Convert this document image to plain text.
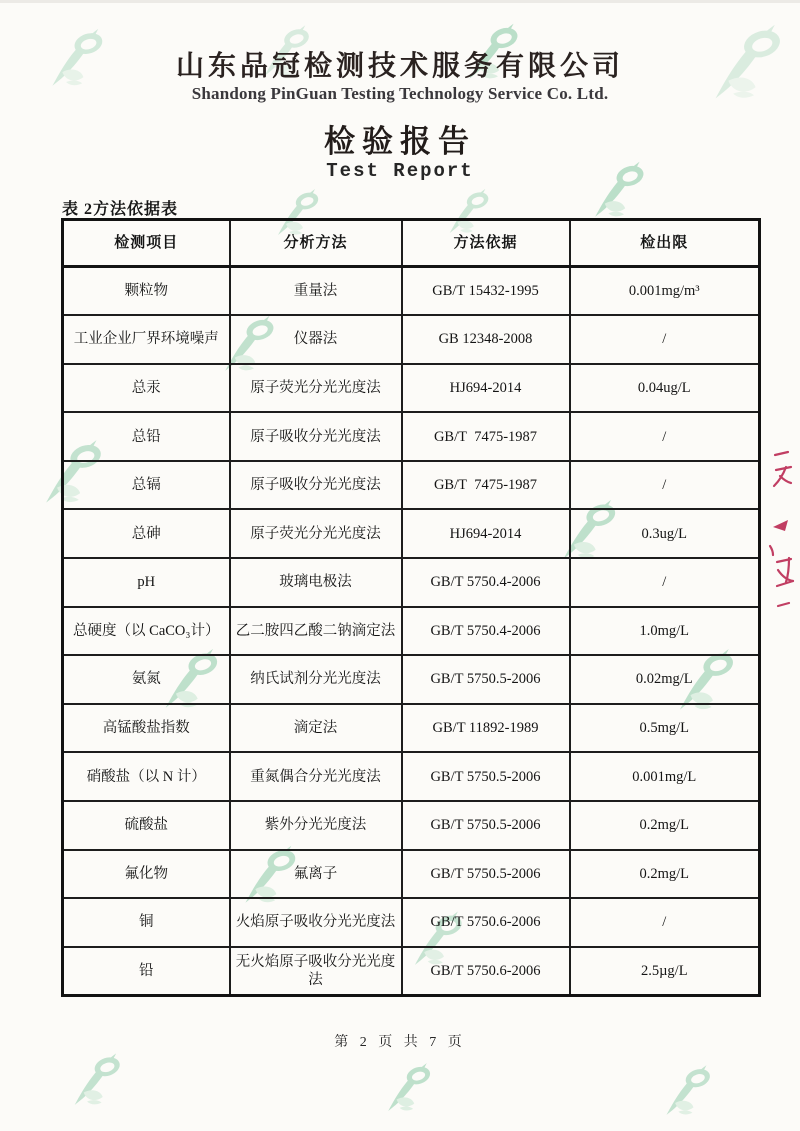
山东品冠检测技术服务有限公司
Shandong PinGuan Testing Technology Service Co. Ltd.
检验报告
Test Report
表 2方法依据表
检测项目	分析方法	方法依据	检出限
颗粒物	重量法	GB/T 15432-1995	0.001mg/m³
工业企业厂界环境噪声	仪器法	GB 12348-2008	/
总汞	原子荧光分光光度法	HJ694-2014	0.04ug/L
总铅	原子吸收分光光度法	GB/T  7475-1987	/
总镉	原子吸收分光光度法	GB/T  7475-1987	/
总砷	原子荧光分光光度法	HJ694-2014	0.3ug/L
pH	玻璃电极法	GB/T 5750.4-2006	/
总硬度（以 CaCO₃计）	乙二胺四乙酸二钠滴定法	GB/T 5750.4-2006	1.0mg/L
氨氮	纳氏试剂分光光度法	GB/T 5750.5-2006	0.02mg/L
高锰酸盐指数	滴定法	GB/T 11892-1989	0.5mg/L
硝酸盐（以 N 计）	重氮偶合分光光度法	GB/T 5750.5-2006	0.001mg/L
硫酸盐	紫外分光光度法	GB/T 5750.5-2006	0.2mg/L
氟化物	氟离子	GB/T 5750.5-2006	0.2mg/L
铜	火焰原子吸收分光光度法	GB/T 5750.6-2006	/
铅	无火焰原子吸收分光光度法	GB/T 5750.6-2006	2.5µg/L
第 2 页 共 7 页
